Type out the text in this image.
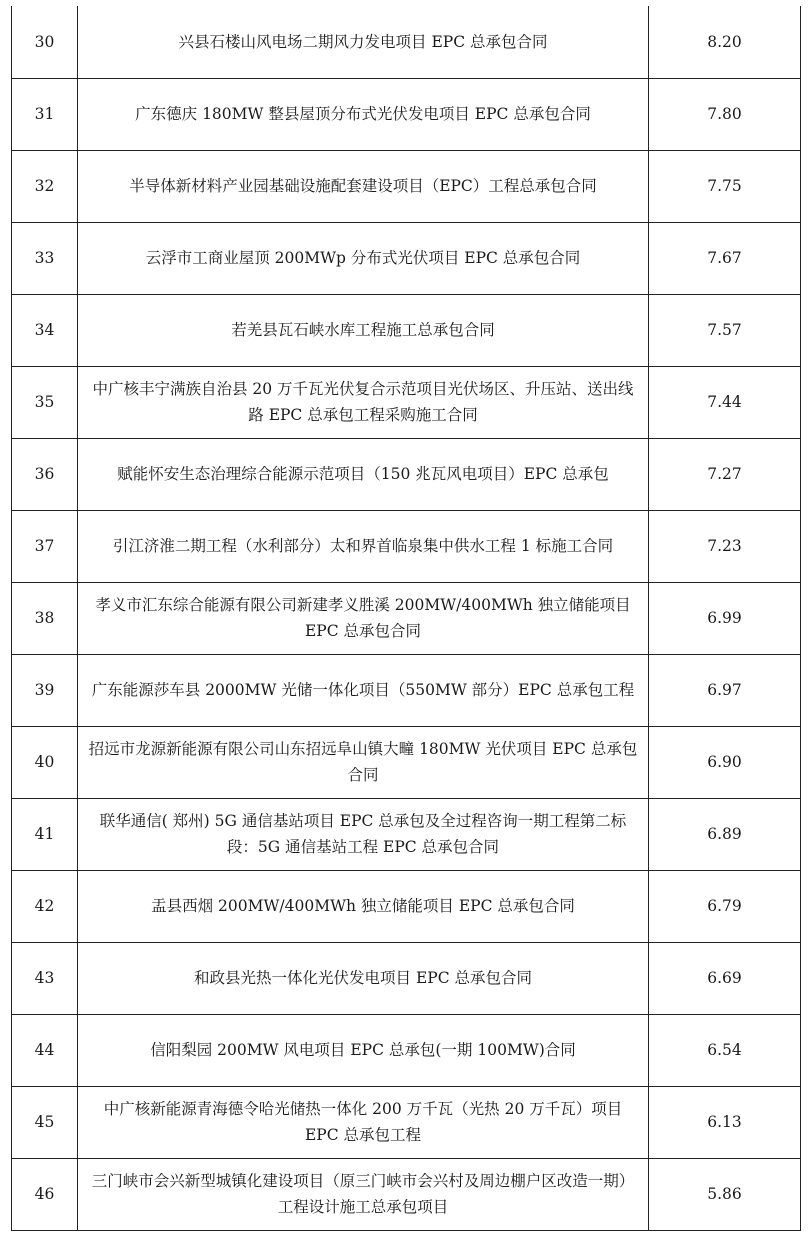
30	兴县石楼山风电场二期风力发电项目 EPC 总承包合同	8.20
31	广东德庆 180MW 整县屋顶分布式光伏发电项目 EPC 总承包合同	7.80
32	半导体新材料产业园基础设施配套建设项目（EPC）工程总承包合同	7.75
33	云浮市工商业屋顶 200MWp 分布式光伏项目 EPC 总承包合同	7.67
34	若羌县瓦石峡水库工程施工总承包合同	7.57
35	中广核丰宁满族自治县 20 万千瓦光伏复合示范项目光伏场区、升压站、送出线路 EPC 总承包工程采购施工合同	7.44
36	赋能怀安生态治理综合能源示范项目（150 兆瓦风电项目）EPC 总承包	7.27
37	引江济淮二期工程（水利部分）太和界首临泉集中供水工程 1 标施工合同	7.23
38	孝义市汇东综合能源有限公司新建孝义胜溪 200MW/400MWh 独立储能项目 EPC 总承包合同	6.99
39	广东能源莎车县 2000MW 光储一体化项目（550MW 部分）EPC 总承包工程	6.97
40	招远市龙源新能源有限公司山东招远阜山镇大疃 180MW 光伏项目 EPC 总承包合同	6.90
41	联华通信( 郑州) 5G 通信基站项目 EPC 总承包及全过程咨询一期工程第二标段：5G 通信基站工程 EPC 总承包合同	6.89
42	盂县西烟 200MW/400MWh 独立储能项目 EPC 总承包合同	6.79
43	和政县光热一体化光伏发电项目 EPC 总承包合同	6.69
44	信阳梨园 200MW 风电项目 EPC 总承包(一期 100MW)合同	6.54
45	中广核新能源青海德令哈光储热一体化 200 万千瓦（光热 20 万千瓦）项目 EPC 总承包工程	6.13
46	三门峡市会兴新型城镇化建设项目（原三门峡市会兴村及周边棚户区改造一期）工程设计施工总承包项目	5.86
